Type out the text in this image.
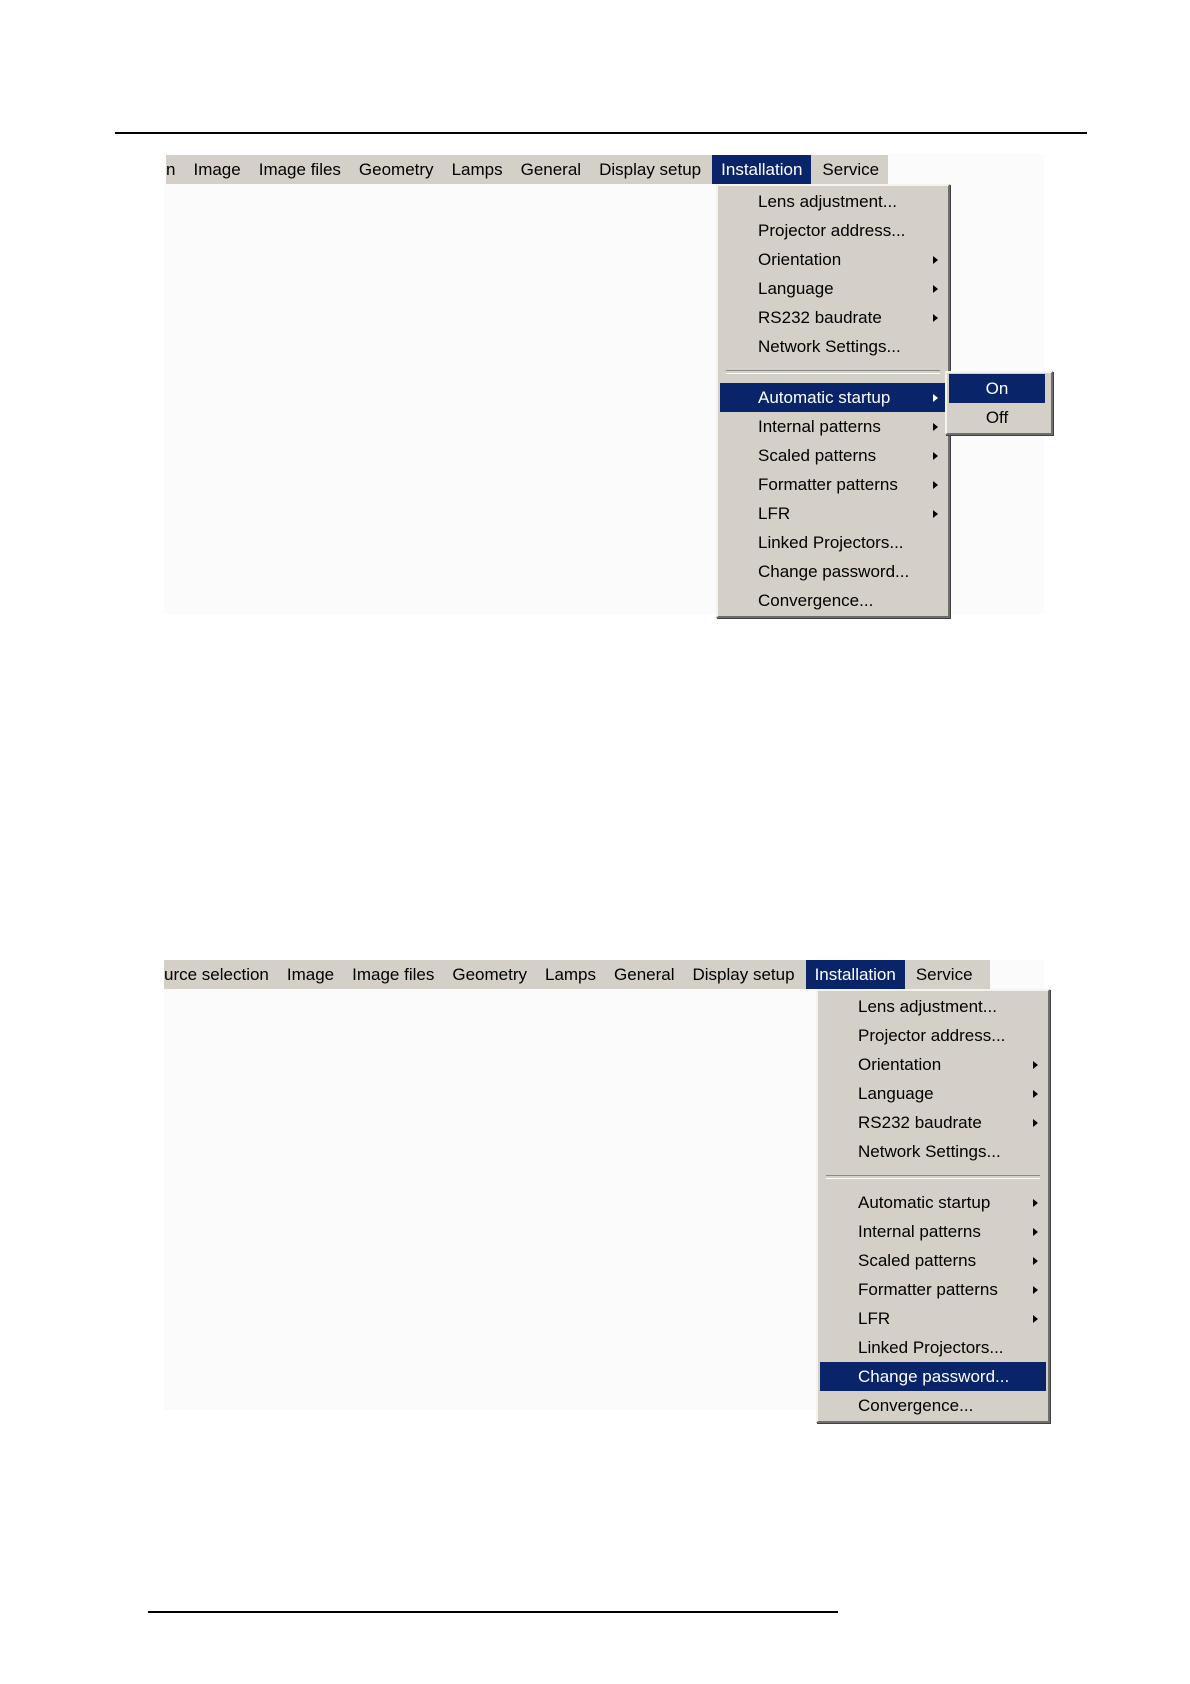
n	Image	Image files	Geometry	Lamps	General	Display setup	Installation	Service
Lens adjustment...
Projector address...
Orientation
Language
RS232 baudrate
Network Settings...
Automatic startup
Internal patterns
Scaled patterns
Formatter patterns
LFR
Linked Projectors...
Change password...
Convergence...
On
Off
urce selection	Image	Image files	Geometry	Lamps	General	Display setup	Installation	Service
Lens adjustment...
Projector address...
Orientation
Language
RS232 baudrate
Network Settings...
Automatic startup
Internal patterns
Scaled patterns
Formatter patterns
LFR
Linked Projectors...
Change password...
Convergence...
